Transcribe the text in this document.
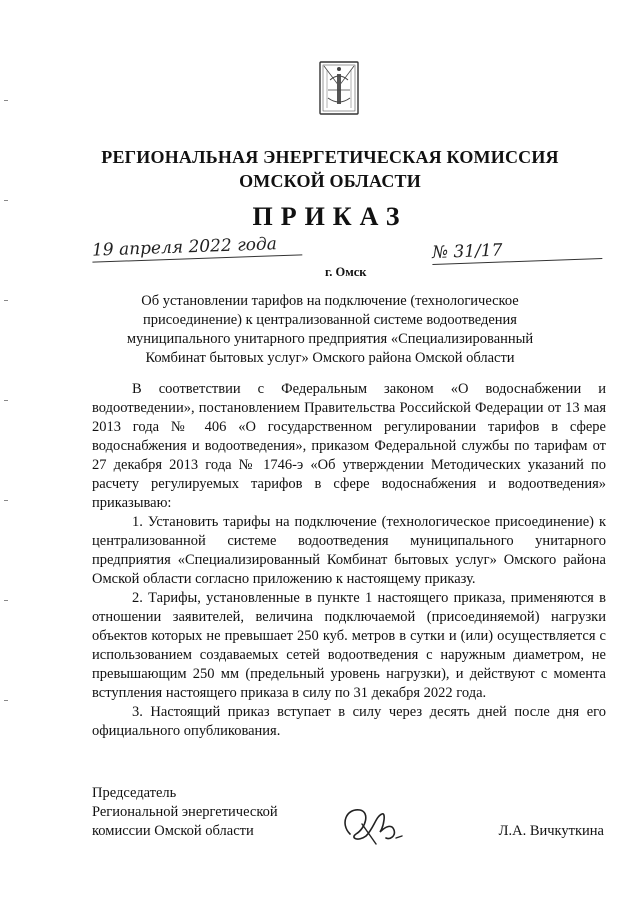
РЕГИОНАЛЬНАЯ ЭНЕРГЕТИЧЕСКАЯ КОМИССИЯ
ОМСКОЙ ОБЛАСТИ
ПРИКАЗ
19 апреля 2022 года	№ 31/17
г. Омск
Об установлении тарифов на подключение (технологическое присоединение) к централизованной системе водоотведения муниципального унитарного предприятия «Специализированный Комбинат бытовых услуг» Омского района Омской области

В соответствии с Федеральным законом «О водоснабжении и водоотведении», постановлением Правительства Российской Федерации от 13 мая 2013 года № 406 «О государственном регулировании тарифов в сфере водоснабжения и водоотведения», приказом Федеральной службы по тарифам от 27 декабря 2013 года № 1746-э «Об утверждении Методических указаний по расчету регулируемых тарифов в сфере водоснабжения и водоотведения» приказываю:

1. Установить тарифы на подключение (технологическое присоединение) к централизованной системе водоотведения муниципального унитарного предприятия «Специализированный Комбинат бытовых услуг» Омского района Омской области согласно приложению к настоящему приказу.

2. Тарифы, установленные в пункте 1 настоящего приказа, применяются в отношении заявителей, величина подключаемой (присоединяемой) нагрузки объектов которых не превышает 250 куб. метров в сутки и (или) осуществляется с использованием создаваемых сетей водоотведения с наружным диаметром, не превышающим 250 мм (предельный уровень нагрузки), и действуют с момента вступления настоящего приказа в силу по 31 декабря 2022 года.

3. Настоящий приказ вступает в силу через десять дней после дня его официального опубликования.

Председатель
Региональной энергетической
комиссии Омской области	Л.А. Вичкуткина
